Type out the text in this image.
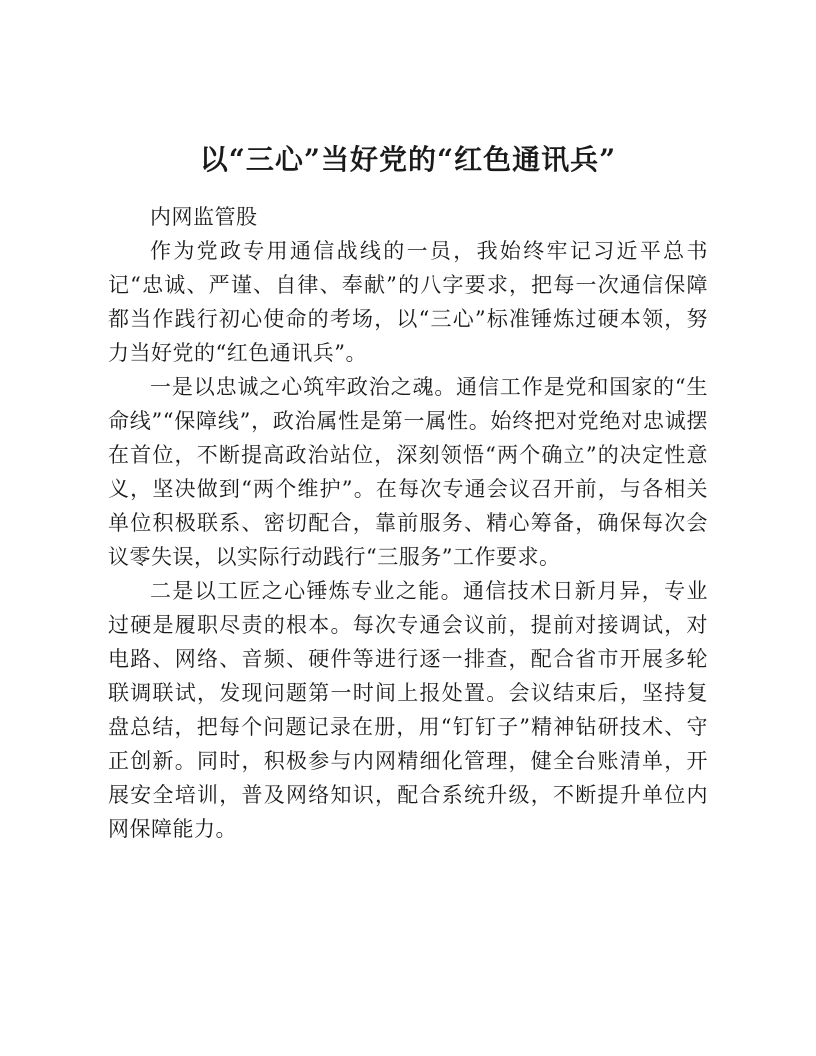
以“三心”当好党的“红色通讯兵”

内网监管股

作为党政专用通信战线的一员，我始终牢记习近平总书记“忠诚、严谨、自律、奉献”的八字要求，把每一次通信保障都当作践行初心使命的考场，以“三心”标准锤炼过硬本领，努力当好党的“红色通讯兵”。

一是以忠诚之心筑牢政治之魂。通信工作是党和国家的“生命线”“保障线”，政治属性是第一属性。始终把对党绝对忠诚摆在首位，不断提高政治站位，深刻领悟“两个确立”的决定性意义，坚决做到“两个维护”。在每次专通会议召开前，与各相关单位积极联系、密切配合，靠前服务、精心筹备，确保每次会议零失误，以实际行动践行“三服务”工作要求。

二是以工匠之心锤炼专业之能。通信技术日新月异，专业过硬是履职尽责的根本。每次专通会议前，提前对接调试，对电路、网络、音频、硬件等进行逐一排查，配合省市开展多轮联调联试，发现问题第一时间上报处置。会议结束后，坚持复盘总结，把每个问题记录在册，用“钉钉子”精神钻研技术、守正创新。同时，积极参与内网精细化管理，健全台账清单，开展安全培训，普及网络知识，配合系统升级，不断提升单位内网保障能力。
